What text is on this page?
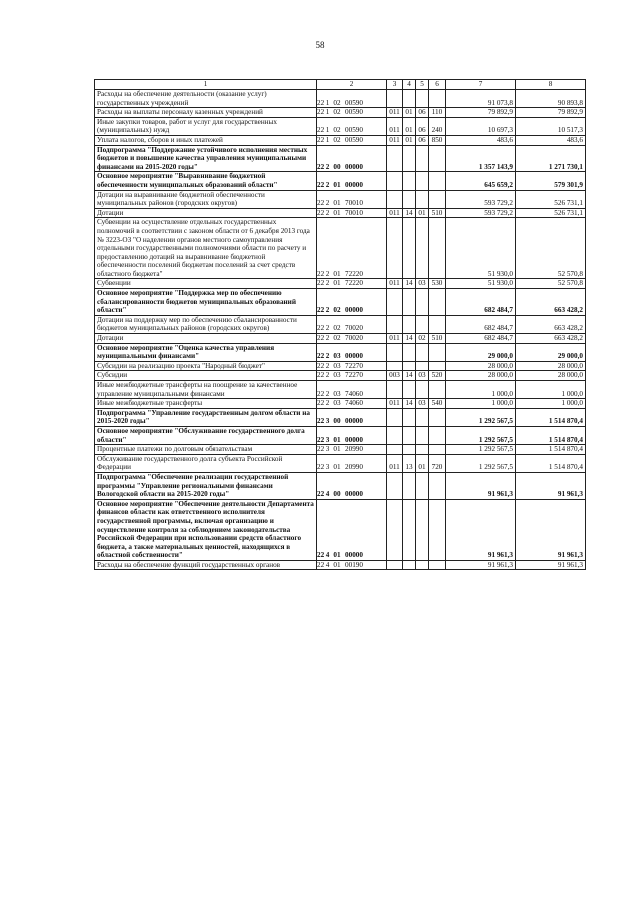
58
1	2	3	4	5	6	7	8
Расходы на обеспечение деятельности (оказание услуг) государственных учреждений	22 1 02 00590					91 073,8	90 893,8
Расходы на выплаты персоналу казенных учреждений	22 1 02 00590	011	01	06	110	79 892,9	79 892,9
Иные закупки товаров, работ и услуг для государственных (муниципальных) нужд	22 1 02 00590	011	01	06	240	10 697,3	10 517,3
Уплата налогов, сборов и иных платежей	22 1 02 00590	011	01	06	850	483,6	483,6
Подпрограмма "Поддержание устойчивого исполнения местных бюджетов и повышение качества управления муниципальными финансами на 2015-2020 годы"	22 2 00 00000					1 357 143,9	1 271 730,1
Основное мероприятие "Выравнивание бюджетной обеспеченности муниципальных образований области"	22 2 01 00000					645 659,2	579 301,9
Дотации на выравнивание бюджетной обеспеченности муниципальных районов (городских округов)	22 2 01 70010					593 729,2	526 731,1
Дотации	22 2 01 70010	011	14	01	510	593 729,2	526 731,1
Субвенции на осуществление отдельных государственных полномочий в соответствии с законом области от 6 декабря 2013 года № 3223-ОЗ "О наделении органов местного самоуправления отдельными государственными полномочиями области по расчету и предоставлению дотаций на выравнивание бюджетной обеспеченности поселений бюджетам поселений за счет средств областного бюджета"	22 2 01 72220					51 930,0	52 570,8
Субвенции	22 2 01 72220	011	14	03	530	51 930,0	52 570,8
Основное мероприятие "Поддержка мер по обеспечению сбалансированности бюджетов муниципальных образований области"	22 2 02 00000					682 484,7	663 428,2
Дотации на поддержку мер по обеспечению сбалансированности бюджетов муниципальных районов (городских округов)	22 2 02 70020					682 484,7	663 428,2
Дотации	22 2 02 70020	011	14	02	510	682 484,7	663 428,2
Основное мероприятие "Оценка качества управления муниципальными финансами"	22 2 03 00000					29 000,0	29 000,0
Субсидии на реализацию проекта "Народный бюджет"	22 2 03 72270					28 000,0	28 000,0
Субсидии	22 2 03 72270	003	14	03	520	28 000,0	28 000,0
Иные межбюджетные трансферты на поощрение за качественное управление муниципальными финансами	22 2 03 74060					1 000,0	1 000,0
Иные межбюджетные трансферты	22 2 03 74060	011	14	03	540	1 000,0	1 000,0
Подпрограмма "Управление государственным долгом области на 2015-2020 годы"	22 3 00 00000					1 292 567,5	1 514 870,4
Основное мероприятие "Обслуживание государственного долга области"	22 3 01 00000					1 292 567,5	1 514 870,4
Процентные платежи по долговым обязательствам	22 3 01 20990					1 292 567,5	1 514 870,4
Обслуживание государственного долга субъекта Российской Федерации	22 3 01 20990	011	13	01	720	1 292 567,5	1 514 870,4
Подпрограмма "Обеспечение реализации государственной программы "Управление региональными финансами Вологодской области на 2015-2020 годы"	22 4 00 00000					91 961,3	91 961,3
Основное мероприятие "Обеспечение деятельности Департамента финансов области как ответственного исполнителя государственной программы, включая организацию и осуществление контроля за соблюдением законодательства Российской Федерации при использовании средств областного бюджета, а также материальных ценностей, находящихся в областной собственности"	22 4 01 00000					91 961,3	91 961,3
Расходы на обеспечение функций государственных органов	22 4 01 00190					91 961,3	91 961,3
